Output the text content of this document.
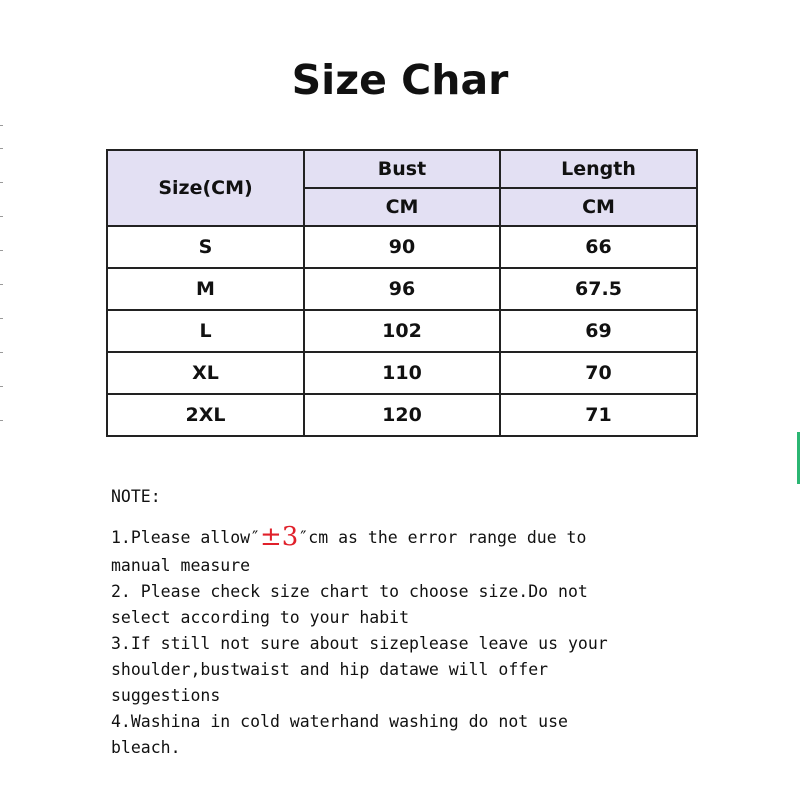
Size Char
Size(CM)	Bust	Length
	CM	CM
S	90	66
M	96	67.5
L	102	69
XL	110	70
2XL	120	71
NOTE:
1.Please allow″±3″cm as the error range due to
manual measure
2. Please check size chart to choose size.Do not
select according to your habit
3.If still not sure about sizeplease leave us your
shoulder,bustwaist and hip datawe will offer
suggestions
4.Washina in cold waterhand washing do not use
bleach.
